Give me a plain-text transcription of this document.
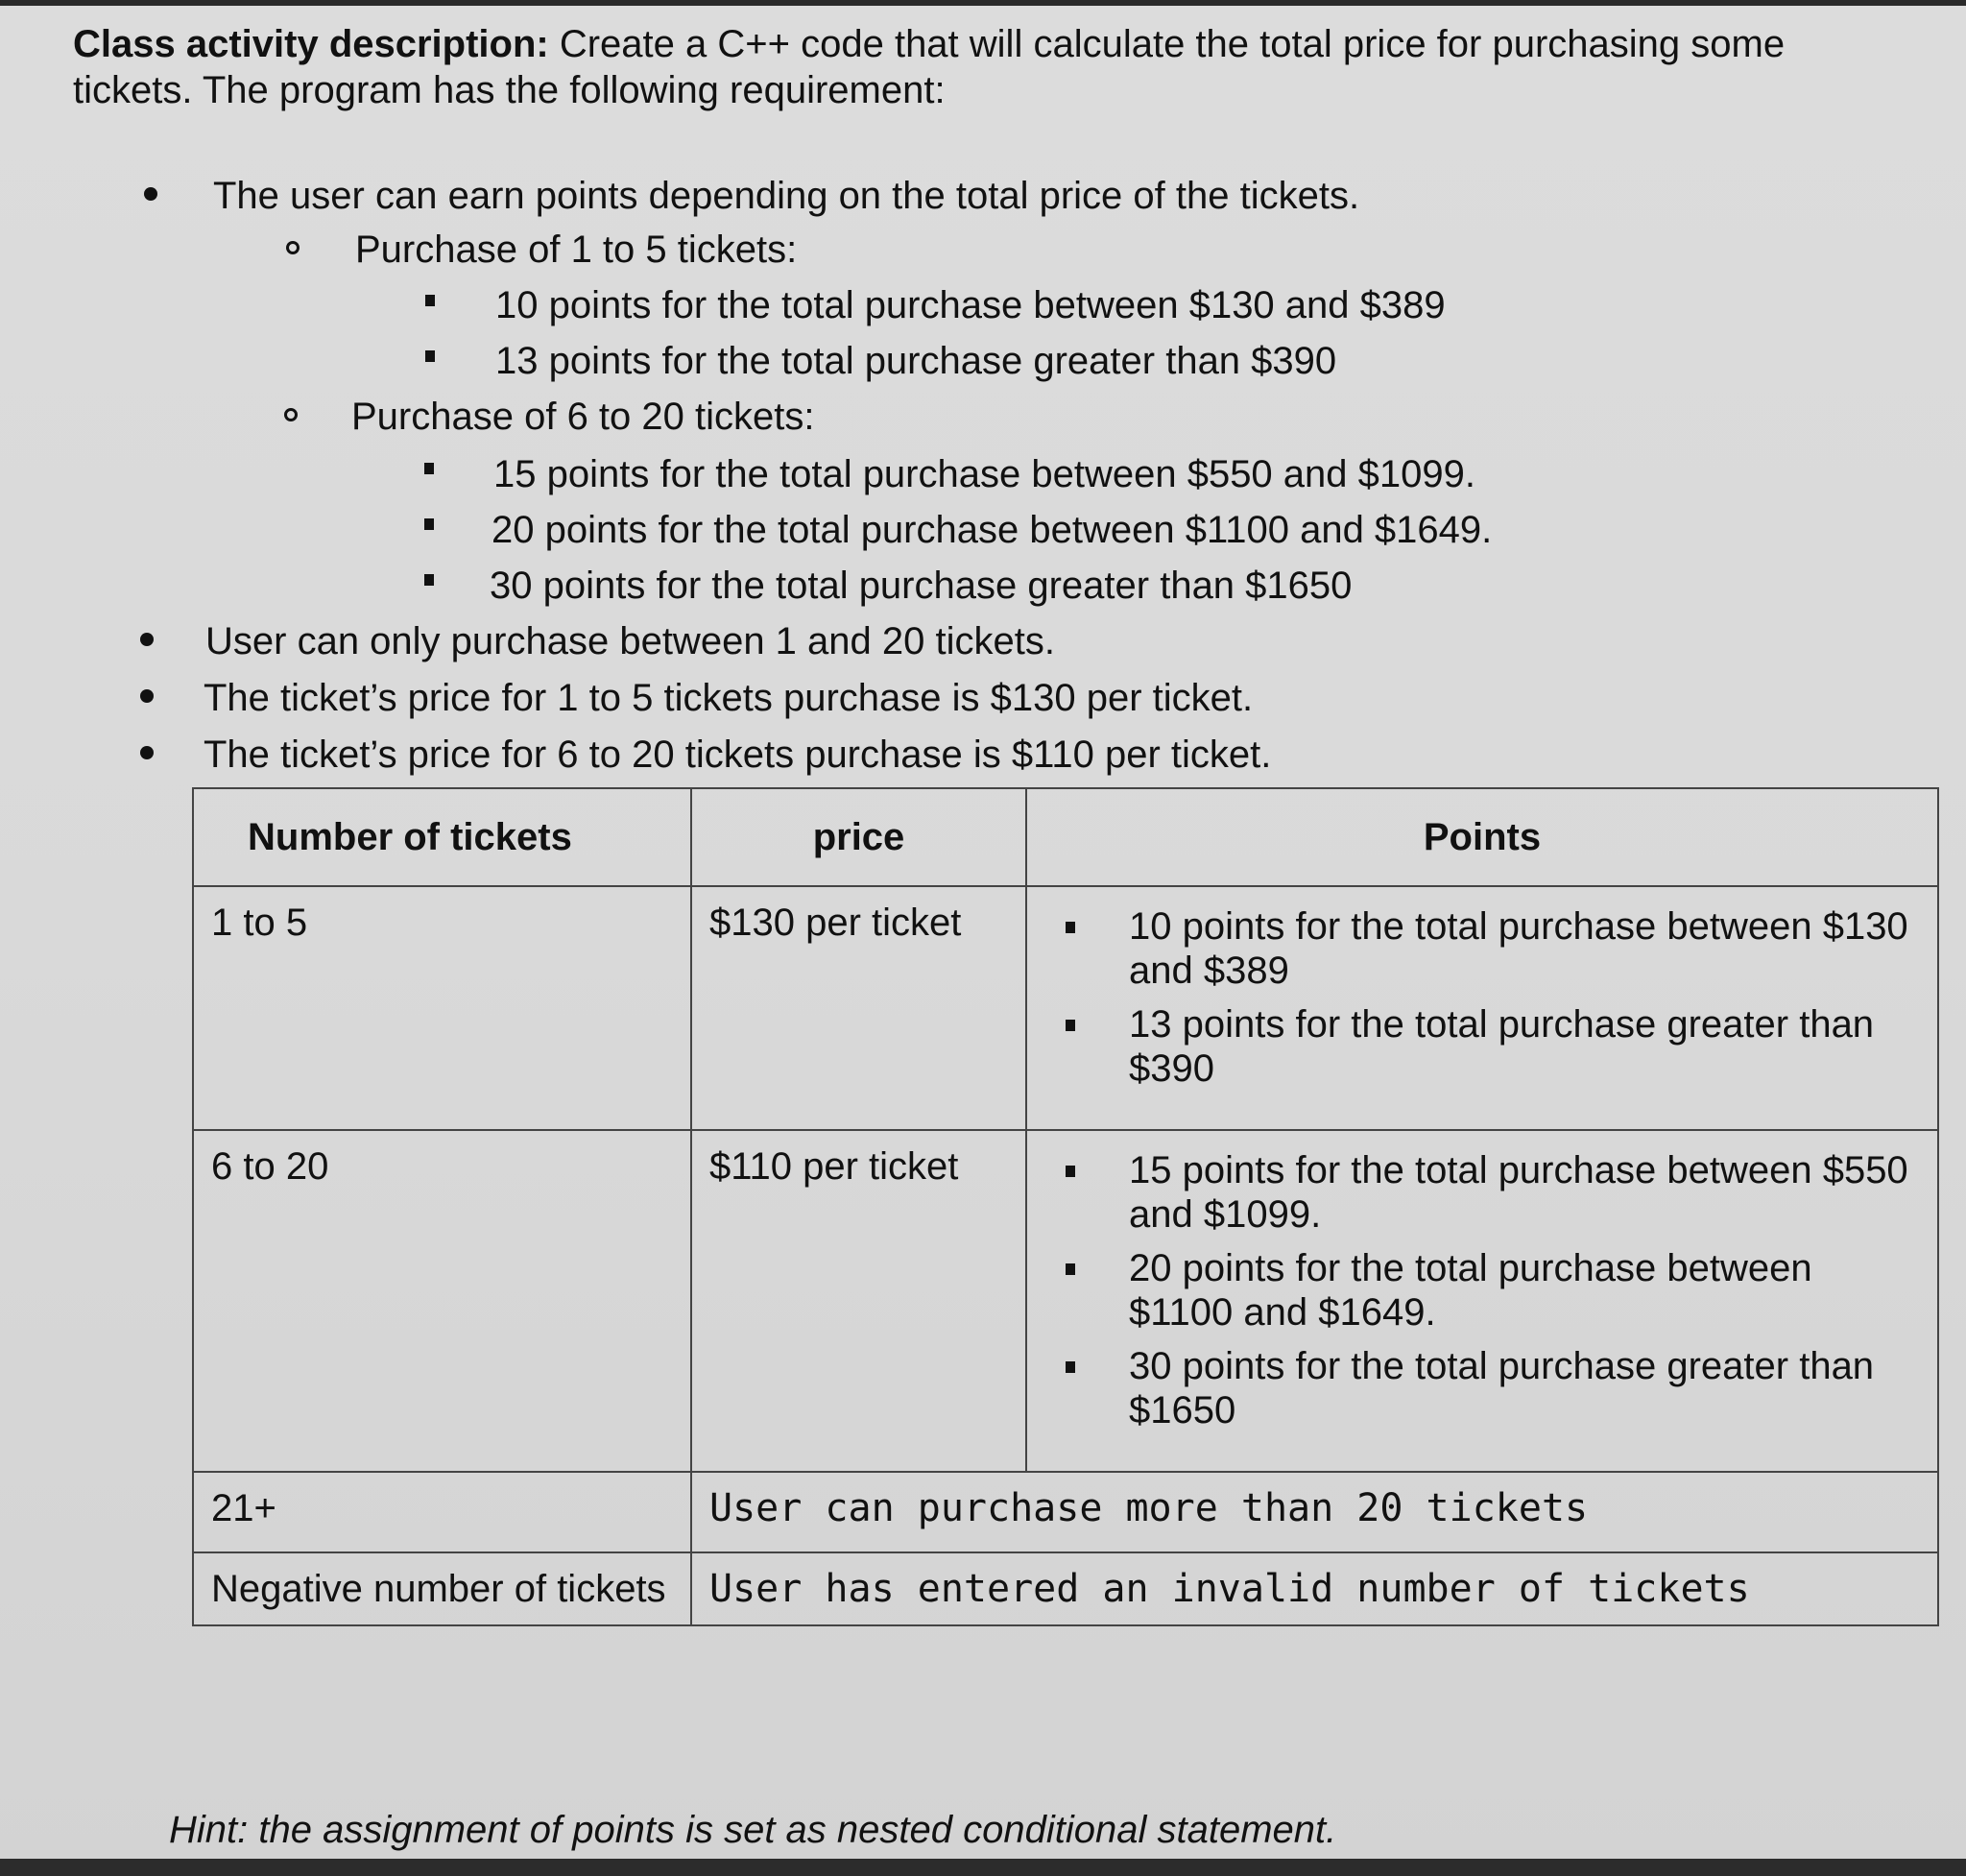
Class activity description: Create a C++ code that will calculate the total price for purchasing some
tickets. The program has the following requirement:
The user can earn points depending on the total price of the tickets.
Purchase of 1 to 5 tickets:
10 points for the total purchase between $130 and $389
13 points for the total purchase greater than $390
Purchase of 6 to 20 tickets:
15 points for the total purchase between $550 and $1099.
20 points for the total purchase between $1100 and $1649.
30 points for the total purchase greater than $1650
User can only purchase between 1 and 20 tickets.
The ticket’s price for 1 to 5 tickets purchase is $130 per ticket.
The ticket’s price for 6 to 20 tickets purchase is $110 per ticket.
Number of tickets	price	Points
1 to 5	$130 per ticket	10 points for the total purchase between $130 and $389
13 points for the total purchase greater than $390

6 to 20	$110 per ticket	15 points for the total purchase between $550 and $1099.
20 points for the total purchase between $1100 and $1649.
30 points for the total purchase greater than $1650

21+	User can purchase more than 20 tickets	
Negative number of tickets	User has entered an invalid number of tickets	
Hint: the assignment of points is set as nested conditional statement.
